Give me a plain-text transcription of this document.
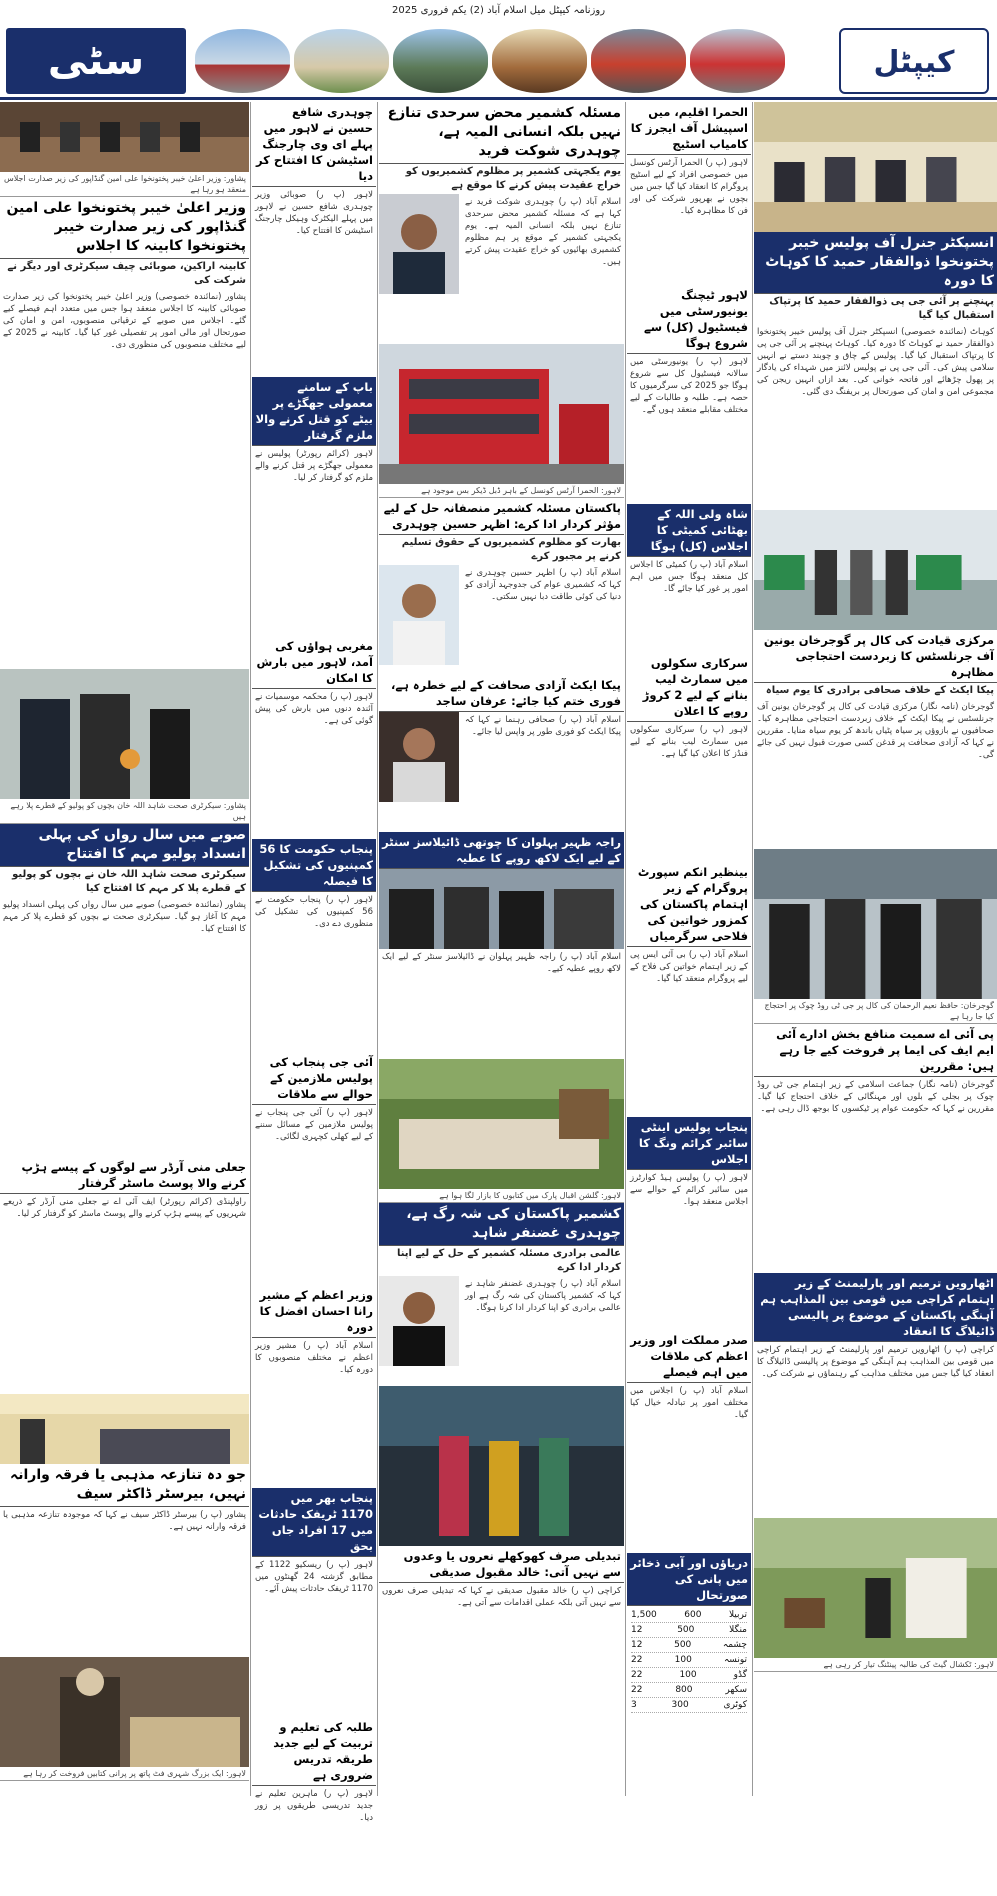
روزنامہ کیپٹل میل اسلام آباد (2) یکم فروری 2025
سٹی	کیپٹل
انسپکٹر جنرل آف پولیس خیبر پختونخوا ذوالفقار حمید کا کوہاٹ کا دورہ
پہنچنے پر آئی جی پی ذوالفقار حمید کا پرتپاک استقبال کیا گیا
کوہاٹ (نمائندہ خصوصی) انسپکٹر جنرل آف پولیس خیبر پختونخوا ذوالفقار حمید نے کوہاٹ کا دورہ کیا۔ کوہاٹ پہنچنے پر آئی جی پی کا پرتپاک استقبال کیا گیا۔ پولیس کے چاق و چوبند دستے نے انہیں سلامی پیش کی۔ آئی جی پی نے پولیس لائنز میں شہداء کی یادگار پر پھول چڑھائے اور فاتحہ خوانی کی۔ بعد ازاں انہیں ریجن کی مجموعی امن و امان کی صورتحال پر بریفنگ دی گئی۔
مرکزی قیادت کی کال پر گوجرخان یونین آف جرنلسٹس کا زبردست احتجاجی مظاہرہ
پیکا ایکٹ کے خلاف صحافی برادری کا یوم سیاہ
گوجرخان (نامہ نگار) مرکزی قیادت کی کال پر گوجرخان یونین آف جرنلسٹس نے پیکا ایکٹ کے خلاف زبردست احتجاجی مظاہرہ کیا۔ صحافیوں نے بازوؤں پر سیاہ پٹیاں باندھ کر یوم سیاہ منایا۔ مقررین نے کہا کہ آزادی صحافت پر قدغن کسی صورت قبول نہیں کی جائے گی۔
گوجرخان: حافظ نعیم الرحمان کی کال پر جی ٹی روڈ چوک پر احتجاج کیا جا رہا ہے
پی آئی اے سمیت منافع بخش ادارے آئی ایم ایف کی ایما پر فروخت کیے جا رہے ہیں: مقررین
گوجرخان (نامہ نگار) جماعت اسلامی کے زیر اہتمام جی ٹی روڈ چوک پر بجلی کے بلوں اور مہنگائی کے خلاف احتجاج کیا گیا۔ مقررین نے کہا کہ حکومت عوام پر ٹیکسوں کا بوجھ ڈال رہی ہے۔
اٹھارویں ترمیم اور پارلیمنٹ کے زیر اہتمام کراچی میں قومی بین المذاہب ہم آہنگی پاکستان کے موضوع پر پالیسی ڈائیلاگ کا انعقاد
کراچی (پ ر) اٹھارویں ترمیم اور پارلیمنٹ کے زیر اہتمام کراچی میں قومی بین المذاہب ہم آہنگی کے موضوع پر پالیسی ڈائیلاگ کا انعقاد کیا گیا جس میں مختلف مذاہب کے رہنماؤں نے شرکت کی۔
لاہور: ٹکشال گیٹ کی طالبہ پینٹنگ تیار کر رہی ہے
الحمرا اقلیم، میں اسپیشل آف ایجرز کا کامیاب اسٹیج
لاہور (پ ر) الحمرا آرٹس کونسل میں خصوصی افراد کے لیے اسٹیج پروگرام کا انعقاد کیا گیا جس میں بچوں نے بھرپور شرکت کی اور فن کا مظاہرہ کیا۔
لاہور ٹیچنگ یونیورسٹی میں فیسٹیول (کل) سے شروع ہوگا
لاہور (پ ر) یونیورسٹی میں سالانہ فیسٹیول کل سے شروع ہوگا جو 2025 کی سرگرمیوں کا حصہ ہے۔ طلبہ و طالبات کے لیے مختلف مقابلے منعقد ہوں گے۔
شاہ ولی اللہ کے بھٹائی کمیٹی کا اجلاس (کل) ہوگا
اسلام آباد (پ ر) کمیٹی کا اجلاس کل منعقد ہوگا جس میں اہم امور پر غور کیا جائے گا۔
سرکاری سکولوں میں سمارٹ لیب بنانے کے لیے 2 کروڑ روپے کا اعلان
لاہور (پ ر) سرکاری سکولوں میں سمارٹ لیب بنانے کے لیے فنڈز کا اعلان کیا گیا ہے۔
بینظیر انکم سپورٹ پروگرام کے زیر اہتمام پاکستان کی کمزور خواتین کی فلاحی سرگرمیاں
اسلام آباد (پ ر) بی آئی ایس پی کے زیر اہتمام خواتین کی فلاح کے لیے پروگرام منعقد کیا گیا۔
پنجاب پولیس اینٹی سائبر کرائم ونگ کا اجلاس
لاہور (پ ر) پولیس ہیڈ کوارٹرز میں سائبر کرائم کے حوالے سے اجلاس منعقد ہوا۔
صدر مملکت اور وزیر اعظم کی ملاقات میں اہم فیصلے
اسلام آباد (پ ر) اجلاس میں مختلف امور پر تبادلہ خیال کیا گیا۔
دریاؤں اور آبی ذخائر میں پانی کی صورتحال
تربیلا
600
1,500
منگلا
500
12
چشمہ
500
12
تونسہ
100
22
گڈو
100
22
سکھر
800
22
کوٹری
300
3
مسئلہ کشمیر محض سرحدی تنازع نہیں بلکہ انسانی المیہ ہے، چوہدری شوکت فرید
یوم یکجہتی کشمیر پر مظلوم کشمیریوں کو خراج عقیدت پیش کرنے کا موقع ہے
اسلام آباد (پ ر) چوہدری شوکت فرید نے کہا ہے کہ مسئلہ کشمیر محض سرحدی تنازع نہیں بلکہ انسانی المیہ ہے۔ یوم یکجہتی کشمیر کے موقع پر ہم مظلوم کشمیری بھائیوں کو خراج عقیدت پیش کرتے ہیں۔
لاہور: الحمرا آرٹس کونسل کے باہر ڈبل ڈیکر بس موجود ہے
پاکستان مسئلہ کشمیر منصفانہ حل کے لیے مؤثر کردار ادا کرے: اظہر حسین چوہدری
بھارت کو مظلوم کشمیریوں کے حقوق تسلیم کرنے پر مجبور کرے
اسلام آباد (پ ر) اظہر حسین چوہدری نے کہا کہ کشمیری عوام کی جدوجہد آزادی کو دنیا کی کوئی طاقت دبا نہیں سکتی۔
پیکا ایکٹ آزادی صحافت کے لیے خطرہ ہے، فوری ختم کیا جائے: عرفان ساجد
اسلام آباد (پ ر) صحافی رہنما نے کہا کہ پیکا ایکٹ کو فوری طور پر واپس لیا جائے۔
راجہ ظہیر پہلوان کا چوتھی ڈائیلاسز سنٹر کے لیے ایک لاکھ روپے کا عطیہ
اسلام آباد (پ ر) راجہ ظہیر پہلوان نے ڈائیلاسز سنٹر کے لیے ایک لاکھ روپے عطیہ کیے۔
لاہور: گلشن اقبال پارک میں کتابوں کا بازار لگا ہوا ہے
کشمیر پاکستان کی شہ رگ ہے، چوہدری غضنفر شاہد
عالمی برادری مسئلہ کشمیر کے حل کے لیے اپنا کردار ادا کرے
اسلام آباد (پ ر) چوہدری غضنفر شاہد نے کہا کہ کشمیر پاکستان کی شہ رگ ہے اور عالمی برادری کو اپنا کردار ادا کرنا ہوگا۔
تبدیلی صرف کھوکھلے نعروں یا وعدوں سے نہیں آتی: خالد مقبول صدیقی
کراچی (پ ر) خالد مقبول صدیقی نے کہا کہ تبدیلی صرف نعروں سے نہیں آتی بلکہ عملی اقدامات سے آتی ہے۔
چوہدری شافع حسین نے لاہور میں پہلے ای وی چارجنگ اسٹیشن کا افتتاح کر دیا
لاہور (پ ر) صوبائی وزیر چوہدری شافع حسین نے لاہور میں پہلے الیکٹرک وہیکل چارجنگ اسٹیشن کا افتتاح کیا۔
باپ کے سامنے معمولی جھگڑے پر بیٹے کو قتل کرنے والا ملزم گرفتار
لاہور (کرائم رپورٹر) پولیس نے معمولی جھگڑے پر قتل کرنے والے ملزم کو گرفتار کر لیا۔
مغربی ہواؤں کی آمد، لاہور میں بارش کا امکان
لاہور (پ ر) محکمہ موسمیات نے آئندہ دنوں میں بارش کی پیش گوئی کی ہے۔
پنجاب حکومت کا 56 کمپنیوں کی تشکیل کا فیصلہ
لاہور (پ ر) پنجاب حکومت نے 56 کمپنیوں کی تشکیل کی منظوری دے دی۔
آئی جی پنجاب کی پولیس ملازمین کے حوالے سے ملاقات
لاہور (پ ر) آئی جی پنجاب نے پولیس ملازمین کے مسائل سننے کے لیے کھلی کچہری لگائی۔
وزیر اعظم کے مشیر رانا احسان افضل کا دورہ
اسلام آباد (پ ر) مشیر وزیر اعظم نے مختلف منصوبوں کا دورہ کیا۔
پنجاب بھر میں 1170 ٹریفک حادثات میں 17 افراد جاں بحق
لاہور (پ ر) ریسکیو 1122 کے مطابق گزشتہ 24 گھنٹوں میں 1170 ٹریفک حادثات پیش آئے۔
طلبہ کی تعلیم و تربیت کے لیے جدید طریقہ تدریس ضروری ہے
لاہور (پ ر) ماہرین تعلیم نے جدید تدریسی طریقوں پر زور دیا۔
پشاور: وزیر اعلیٰ خیبر پختونخوا علی امین گنڈاپور کی زیر صدارت اجلاس منعقد ہو رہا ہے
وزیر اعلیٰ خیبر پختونخوا علی امین گنڈاپور کی زیر صدارت خیبر پختونخوا کابینہ کا اجلاس
کابینہ اراکین، صوبائی چیف سیکرٹری اور دیگر نے شرکت کی
پشاور (نمائندہ خصوصی) وزیر اعلیٰ خیبر پختونخوا کی زیر صدارت صوبائی کابینہ کا اجلاس منعقد ہوا جس میں متعدد اہم فیصلے کیے گئے۔ اجلاس میں صوبے کے ترقیاتی منصوبوں، امن و امان کی صورتحال اور مالی امور پر تفصیلی غور کیا گیا۔ کابینہ نے 2025 کے لیے مختلف منصوبوں کی منظوری دی۔
پشاور: سیکرٹری صحت شاہد اللہ خان بچوں کو پولیو کے قطرے پلا رہے ہیں
صوبے میں سال رواں کی پہلی انسداد پولیو مہم کا افتتاح
سیکرٹری صحت شاہد اللہ خان نے بچوں کو پولیو کے قطرے پلا کر مہم کا افتتاح کیا
پشاور (نمائندہ خصوصی) صوبے میں سال رواں کی پہلی انسداد پولیو مہم کا آغاز ہو گیا۔ سیکرٹری صحت نے بچوں کو قطرے پلا کر مہم کا افتتاح کیا۔
جعلی منی آرڈر سے لوگوں کے پیسے ہڑپ کرنے والا پوسٹ ماسٹر گرفتار
راولپنڈی (کرائم رپورٹر) ایف آئی اے نے جعلی منی آرڈر کے ذریعے شہریوں کے پیسے ہڑپ کرنے والے پوسٹ ماسٹر کو گرفتار کر لیا۔
جو دہ تنازعہ مذہبی یا فرقہ وارانہ نہیں، بیرسٹر ڈاکٹر سیف
پشاور (پ ر) بیرسٹر ڈاکٹر سیف نے کہا کہ موجودہ تنازعہ مذہبی یا فرقہ وارانہ نہیں ہے۔
لاہور: ایک بزرگ شہری فٹ پاتھ پر پرانی کتابیں فروخت کر رہا ہے
